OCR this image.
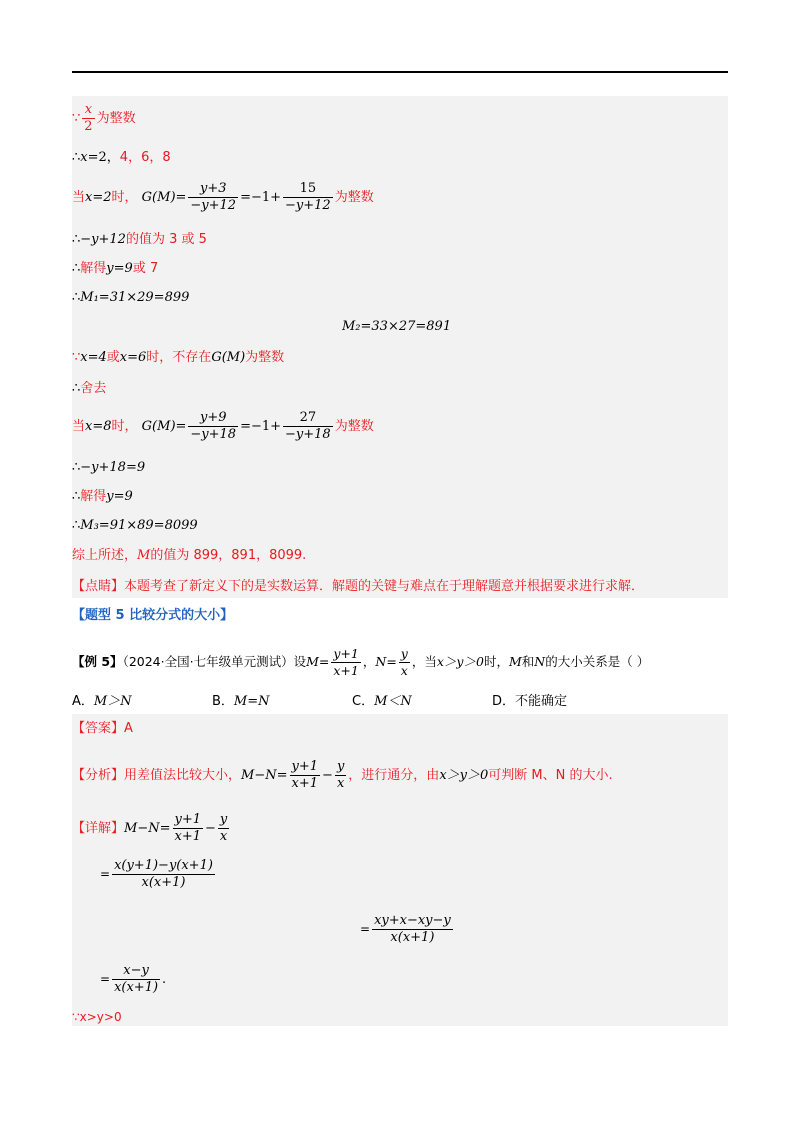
∵ $\frac{x}{2}$ 为整数
∴x=2，4，6，8
当x=2时， $G(M)= \frac{y+3}{-y+12} =-1+ \frac{15}{-y+12}$ 为整数
∴−y+12的值为 3 或 5
∴解得y=9或 7
∴M₁=31×29=899
M₂=33×27=891
∵x=4或x=6时，不存在G(M)为整数
∴舍去
当x=8时， $G(M)= \frac{y+9}{-y+18} =-1+ \frac{27}{-y+18}$ 为整数
∴−y+18=9
∴解得y=9
∴M₃=91×89=8099
综上所述，M的值为 899，891，8099.
【点睛】本题考查了新定义下的是实数运算．解题的关键与难点在于理解题意并根据要求进行求解．
【题型 5 比较分式的大小】
【例 5】（2024·全国·七年级单元测试）设$M= \frac{y+1}{x+1}$ ，$N= \frac{y}{x}$ ，当x＞y＞0时，M和N的大小关系是（ ）
A．M＞N	B．M=N	C．M＜N	D．不能确定
【答案】A
【分析】用差值法比较大小，$M-N= \frac{y+1}{x+1} - \frac{y}{x}$ ，进行通分，由x＞y＞0可判断 M、N 的大小.
【详解】$M-N= \frac{y+1}{x+1} - \frac{y}{x}$
= $\frac{x(y+1)-y(x+1)}{x(x+1)}$
= $\frac{xy+x-xy-y}{x(x+1)}$
= $\frac{x-y}{x(x+1)}$ .
∵x>y>0
